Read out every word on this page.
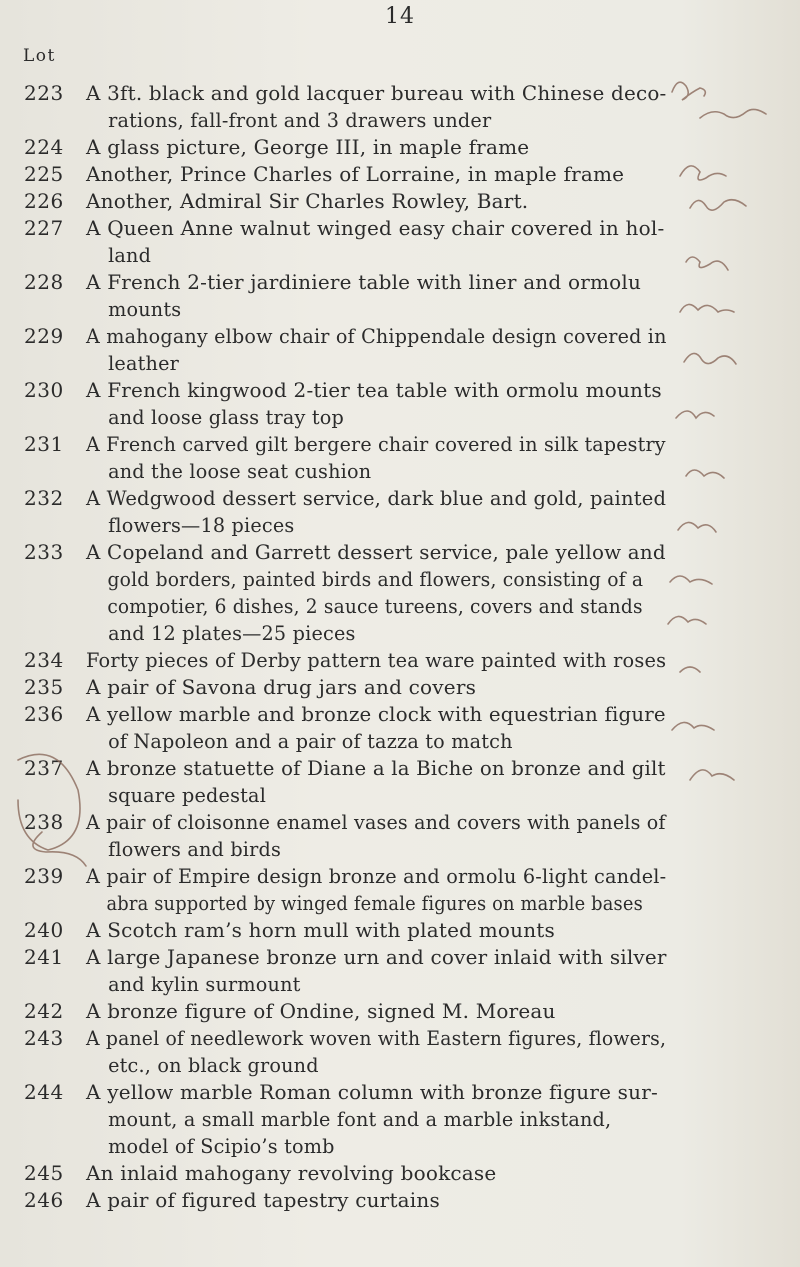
14
Lot
223	A 3ft. black and gold lacquer bureau with Chinese deco-
rations, fall-front and 3 drawers under
224	A glass picture, George III, in maple frame
225	Another, Prince Charles of Lorraine, in maple frame
226	Another, Admiral Sir Charles Rowley, Bart.
227	A Queen Anne walnut winged easy chair covered in hol-
land
228	A French 2-tier jardiniere table with liner and ormolu
mounts
229	A mahogany elbow chair of Chippendale design covered in
leather
230	A French kingwood 2-tier tea table with ormolu mounts
and loose glass tray top
231	A French carved gilt bergere chair covered in silk tapestry
and the loose seat cushion
232	A Wedgwood dessert service, dark blue and gold, painted
flowers—18 pieces
233	A Copeland and Garrett dessert service, pale yellow and
gold borders, painted birds and flowers, consisting of a
compotier, 6 dishes, 2 sauce tureens, covers and stands
and 12 plates—25 pieces
234	Forty pieces of Derby pattern tea ware painted with roses
235	A pair of Savona drug jars and covers
236	A yellow marble and bronze clock with equestrian figure
of Napoleon and a pair of tazza to match
237	A bronze statuette of Diane a la Biche on bronze and gilt
square pedestal
238	A pair of cloisonne enamel vases and covers with panels of
flowers and birds
239	A pair of Empire design bronze and ormolu 6-light candel-
abra supported by winged female figures on marble bases
240	A Scotch ram’s horn mull with plated mounts
241	A large Japanese bronze urn and cover inlaid with silver
and kylin surmount
242	A bronze figure of Ondine, signed M. Moreau
243	A panel of needlework woven with Eastern figures, flowers,
etc., on black ground
244	A yellow marble Roman column with bronze figure sur-
mount, a small marble font and a marble inkstand,
model of Scipio’s tomb
245	An inlaid mahogany revolving bookcase
246	A pair of figured tapestry curtains
